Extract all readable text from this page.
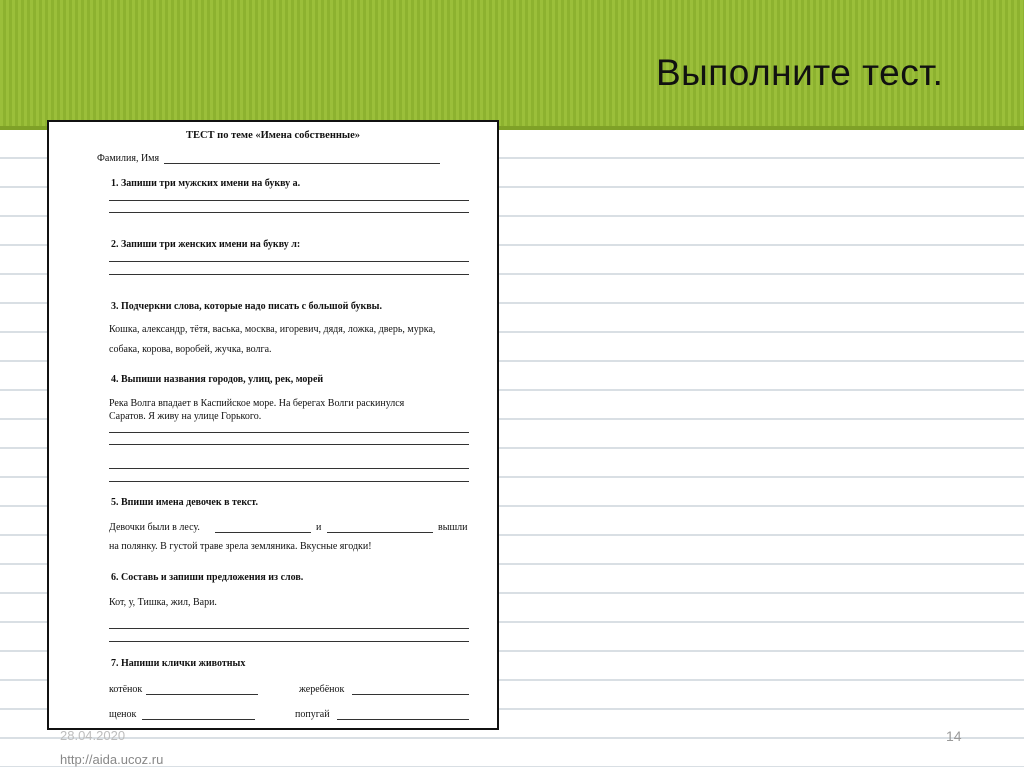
Выполните тест.
ТЕСТ по теме «Имена собственные»
Фамилия, Имя
1. Запиши три мужских имени на букву а.
2. Запиши три женских имени на букву л:
3. Подчеркни слова, которые надо писать с большой буквы.
Кошка, александр, тётя, васька, москва, игоревич, дядя, ложка, дверь, мурка,
собака, корова, воробей, жучка, волга.
4. Выпиши названия городов, улиц, рек, морей
Река Волга впадает в Каспийское море. На берегах Волги раскинулся
Саратов. Я живу на улице Горького.
5. Впиши имена девочек в текст.
Девочки были в лесу.	и	вышли
на полянку. В густой траве зрела земляника. Вкусные ягодки!
6. Составь и запиши предложения из слов.
Кот, у, Тишка, жил, Вари.
7. Напиши клички животных
котёнок	жеребёнок
щенок	попугай
28.04.2020
http://aida.ucoz.ru
14
